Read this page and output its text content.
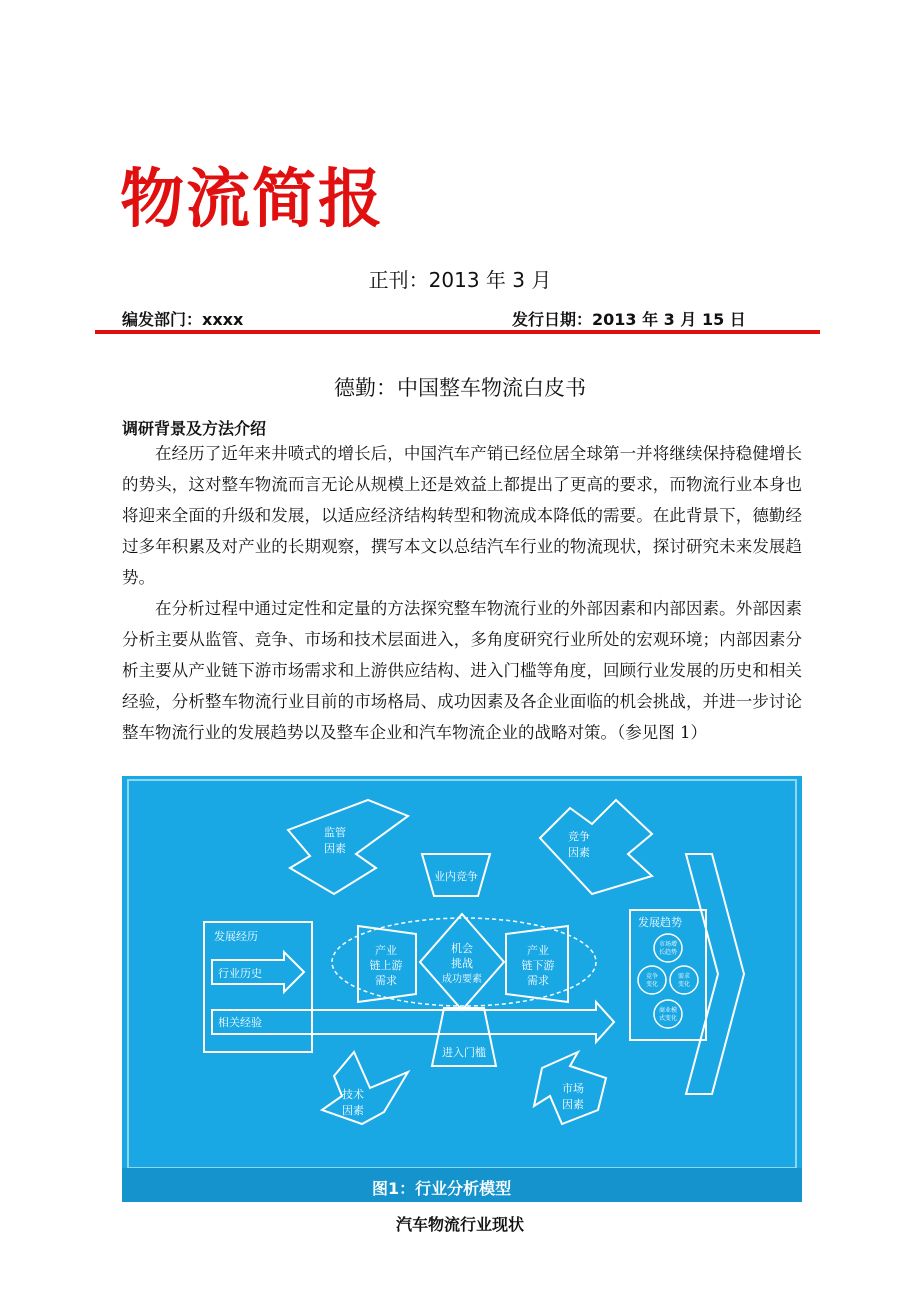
物流简报
正刊：2013 年 3 月
编发部门：xxxx	发行日期：2013 年 3 月 15 日
德勤：中国整车物流白皮书
调研背景及方法介绍

在经历了近年来井喷式的增长后，中国汽车产销已经位居全球第一并将继续保持稳健增长的势头，这对整车物流而言无论从规模上还是效益上都提出了更高的要求，而物流行业本身也将迎来全面的升级和发展，以适应经济结构转型和物流成本降低的需要。在此背景下，德勤经过多年积累及对产业的长期观察，撰写本文以总结汽车行业的物流现状，探讨研究未来发展趋势。

在分析过程中通过定性和定量的方法探究整车物流行业的外部因素和内部因素。外部因素分析主要从监管、竞争、市场和技术层面进入，多角度研究行业所处的宏观环境；内部因素分析主要从产业链下游市场需求和上游供应结构、进入门槛等角度，回顾行业发展的历史和相关经验，分析整车物流行业目前的市场格局、成功因素及各企业面临的机会挑战，并进一步讨论整车物流行业的发展趋势以及整车企业和汽车物流企业的战略对策。（参见图 1）

图1：行业分析模型
监管
因素
竞争
因素
业内竞争
产业
链上游
需求
产业
链下游
需求
机会
挑战
成功要素
进入门槛
发展经历
行业历史
相关经验
技术
因素
市场
因素
发展趋势
市场增
长趋势
竞争
变化
需求
变化
商业模
式变化
汽车物流行业现状
